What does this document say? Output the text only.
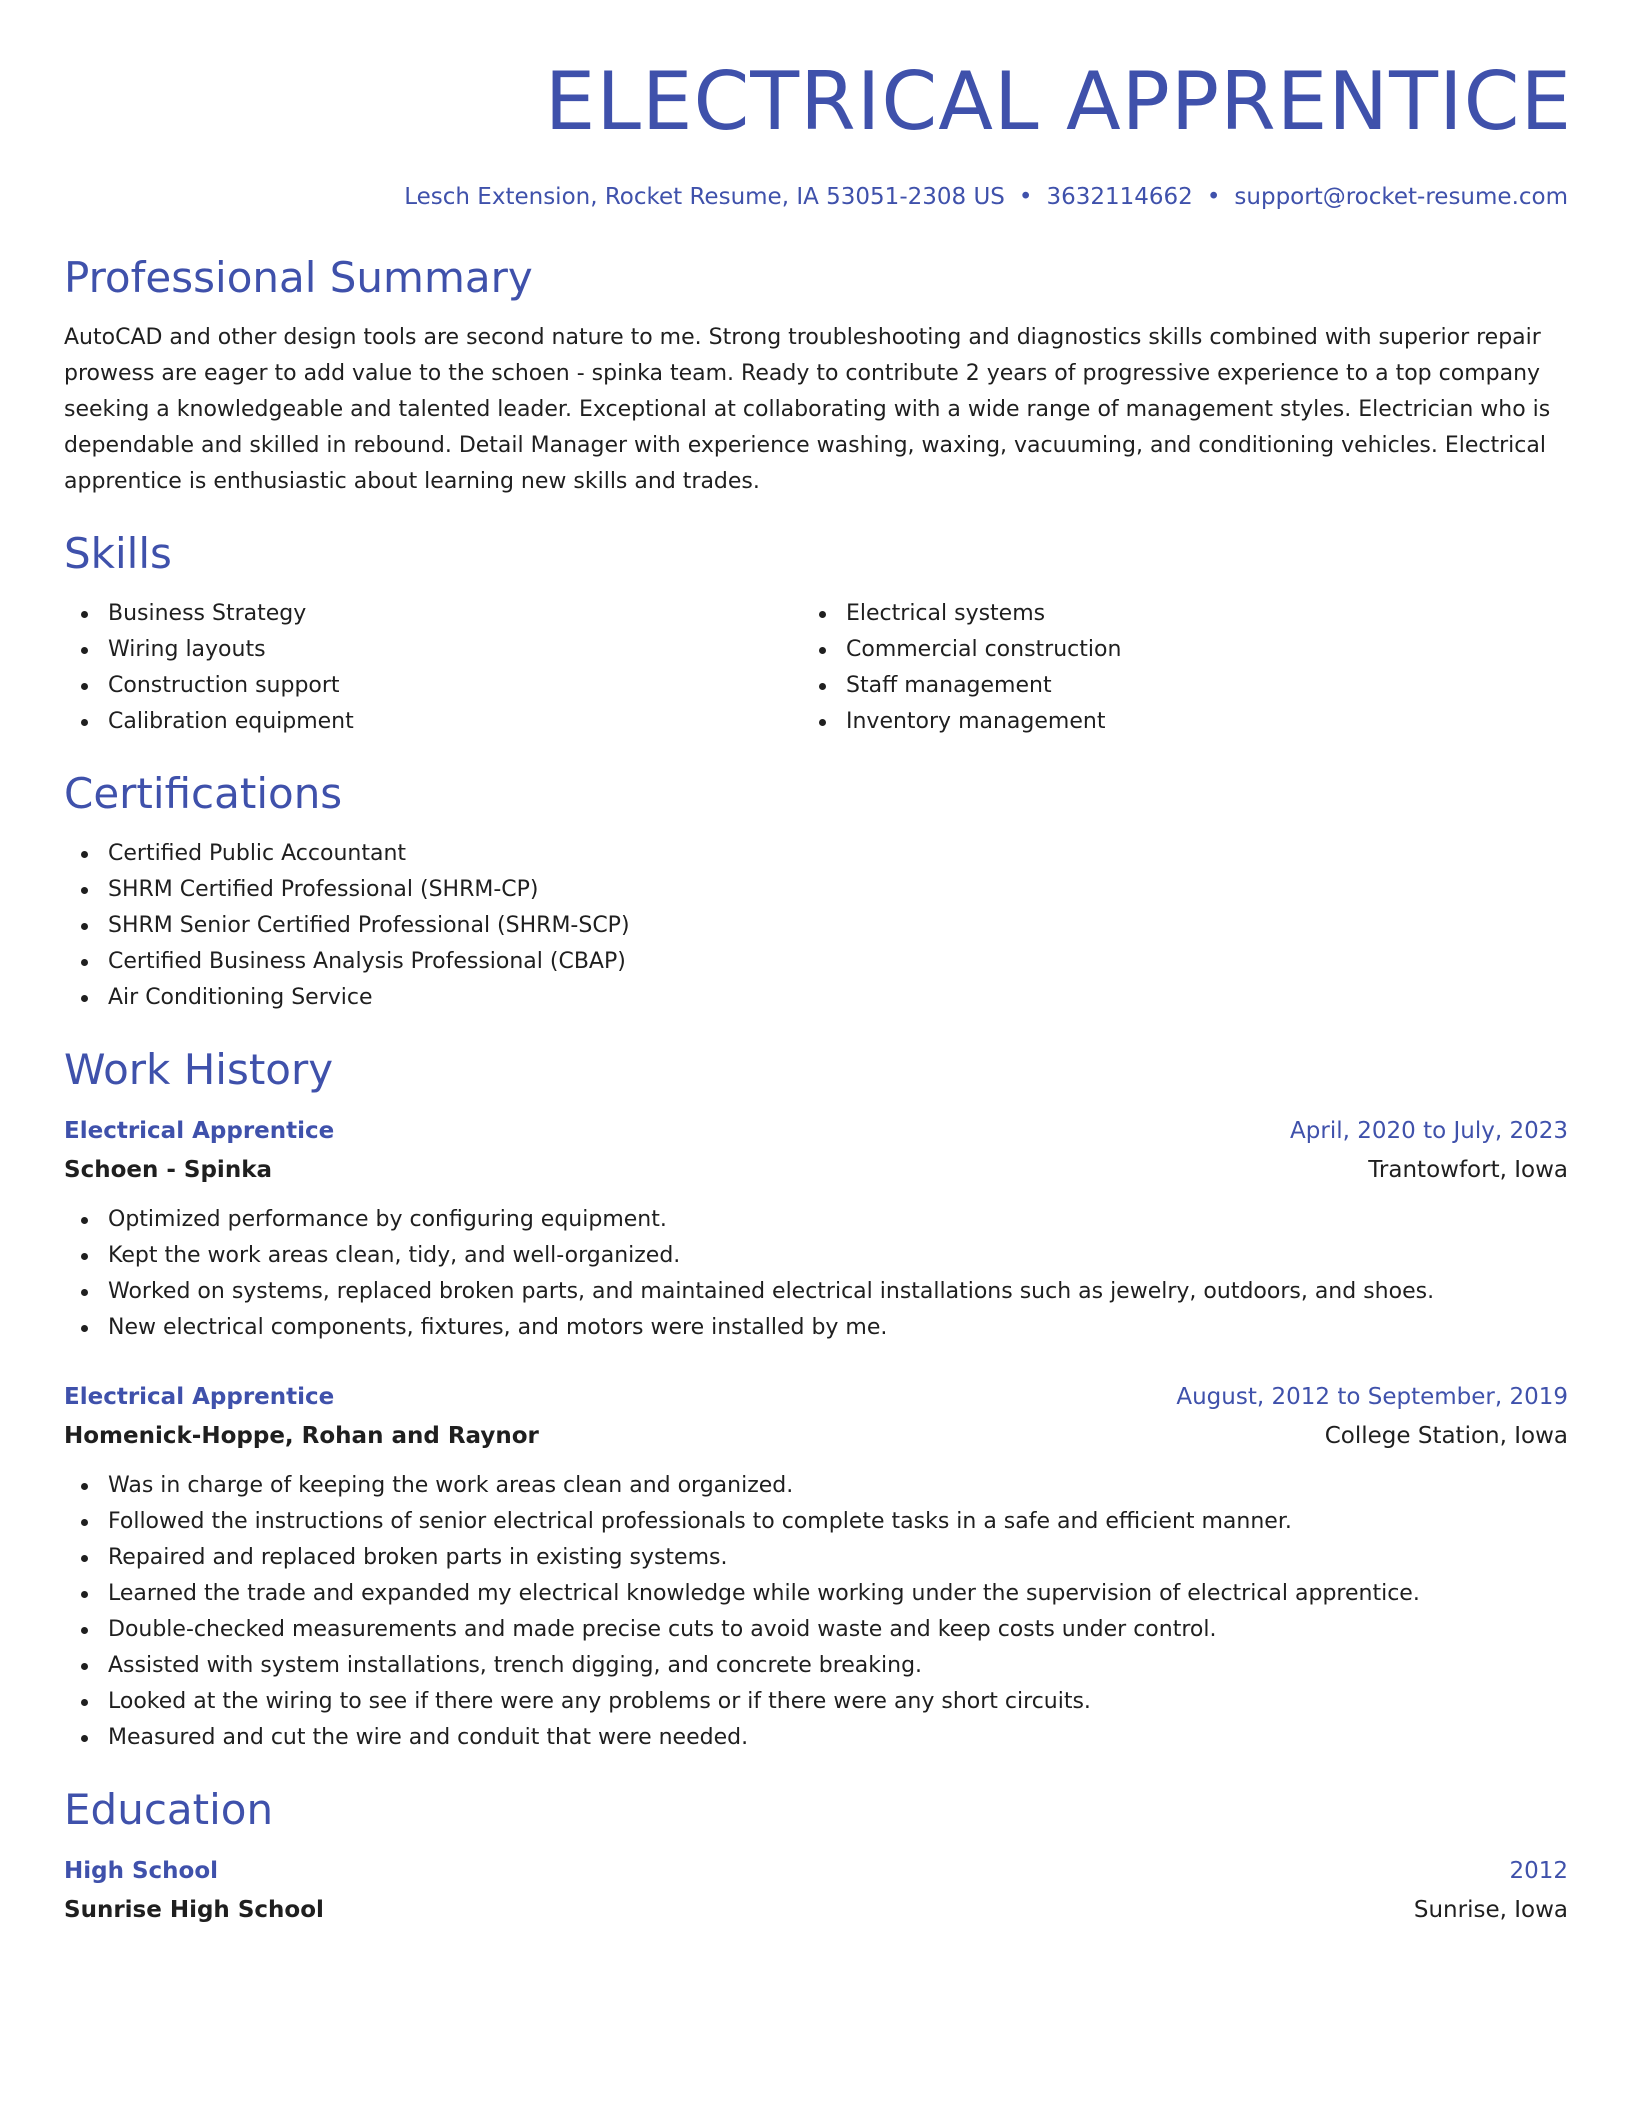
ELECTRICAL APPRENTICE
Lesch Extension, Rocket Resume, IA 53051-2308 US • 3632114662 • support@rocket-resume.com
Professional Summary

AutoCAD and other design tools are second nature to me. Strong troubleshooting and diagnostics skills combined with superior repair prowess are eager to add value to the schoen - spinka team. Ready to contribute 2 years of progressive experience to a top company seeking a knowledgeable and talented leader. Exceptional at collaborating with a wide range of management styles. Electrician who is dependable and skilled in rebound. Detail Manager with experience washing, waxing, vacuuming, and conditioning vehicles. Electrical apprentice is enthusiastic about learning new skills and trades.

Skills
Business Strategy
Wiring layouts
Construction support
Calibration equipment
Electrical systems
Commercial construction
Staff management
Inventory management
Certifications
Certified Public Accountant
SHRM Certified Professional (SHRM-CP)
SHRM Senior Certified Professional (SHRM-SCP)
Certified Business Analysis Professional (CBAP)
Air Conditioning Service
Work History
Electrical Apprentice	April, 2020 to July, 2023
Schoen - Spinka	Trantowfort, Iowa
Optimized performance by configuring equipment.
Kept the work areas clean, tidy, and well-organized.
Worked on systems, replaced broken parts, and maintained electrical installations such as jewelry, outdoors, and shoes.
New electrical components, fixtures, and motors were installed by me.
Electrical Apprentice	August, 2012 to September, 2019
Homenick-Hoppe, Rohan and Raynor	College Station, Iowa
Was in charge of keeping the work areas clean and organized.
Followed the instructions of senior electrical professionals to complete tasks in a safe and efficient manner.
Repaired and replaced broken parts in existing systems.
Learned the trade and expanded my electrical knowledge while working under the supervision of electrical apprentice.
Double-checked measurements and made precise cuts to avoid waste and keep costs under control.
Assisted with system installations, trench digging, and concrete breaking.
Looked at the wiring to see if there were any problems or if there were any short circuits.
Measured and cut the wire and conduit that were needed.
Education
High School	2012
Sunrise High School	Sunrise, Iowa
